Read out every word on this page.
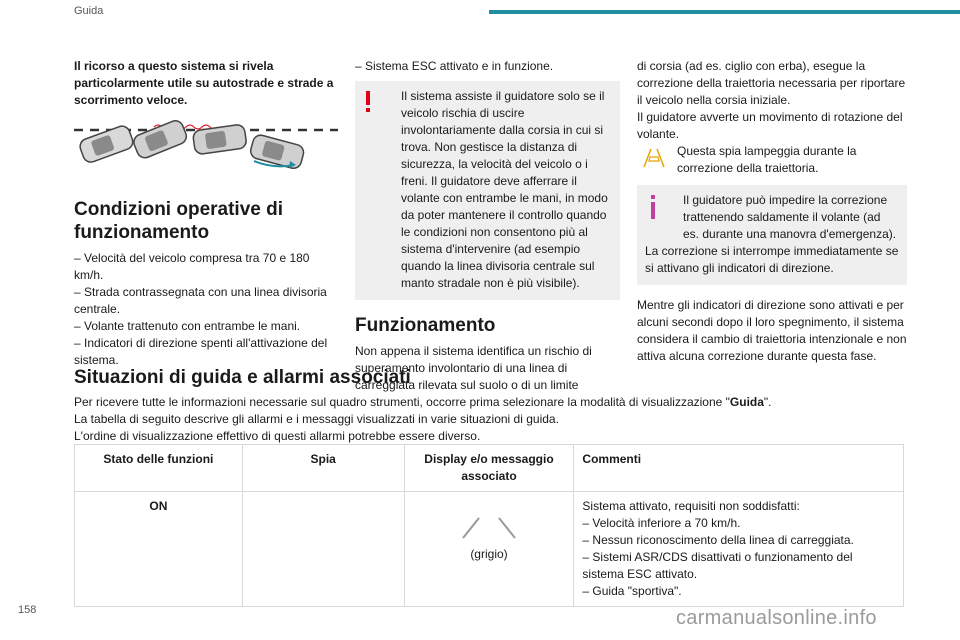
Guida

Il ricorso a questo sistema si rivela particolarmente utile su autostrade e strade a scorrimento veloce.

Condizioni operative di funzionamento

– Velocità del veicolo compresa tra 70 e 180 km/h.

– Strada contrassegnata con una linea divisoria centrale.

– Volante trattenuto con entrambe le mani.

– Indicatori di direzione spenti all'attivazione del sistema.

– Sistema ESC attivato e in funzione.

Il sistema assiste il guidatore solo se il veicolo rischia di uscire involontariamente dalla corsia in cui si trova. Non gestisce la distanza di sicurezza, la velocità del veicolo o i freni. Il guidatore deve afferrare il volante con entrambe le mani, in modo da poter mantenere il controllo quando le condizioni non consentono più al sistema d'intervenire (ad esempio quando la linea divisoria centrale sul manto stradale non è più visibile).

Funzionamento

Non appena il sistema identifica un rischio di superamento involontario di una linea di carreggiata rilevata sul suolo o di un limite

di corsia (ad es. ciglio con erba), esegue la correzione della traiettoria necessaria per riportare il veicolo nella corsia iniziale.

Il guidatore avverte un movimento di rotazione del volante.

Questa spia lampeggia durante la correzione della traiettoria.

Il guidatore può impedire la correzione trattenendo saldamente il volante (ad es. durante una manovra d'emergenza).

La correzione si interrompe immediatamente se si attivano gli indicatori di direzione.

Mentre gli indicatori di direzione sono attivati e per alcuni secondi dopo il loro spegnimento, il sistema considera il cambio di traiettoria intenzionale e non attiva alcuna correzione durante questa fase.

Situazioni di guida e allarmi associati

Per ricevere tutte le informazioni necessarie sul quadro strumenti, occorre prima selezionare la modalità di visualizzazione "Guida".

La tabella di seguito descrive gli allarmi e i messaggi visualizzati in varie situazioni di guida.

L'ordine di visualizzazione effettivo di questi allarmi potrebbe essere diverso.

Stato delle funzioni	Spia	Display e/o messaggio associato	Commenti
ON		(grigio)	Sistema attivato, requisiti non soddisfatti:

– Velocità inferiore a 70 km/h.

– Nessun riconoscimento della linea di carreggiata.

– Sistemi ASR/CDS disattivati o funzionamento del sistema ESC attivato.

– Guida "sportiva".

158	carmanualsonline.info
